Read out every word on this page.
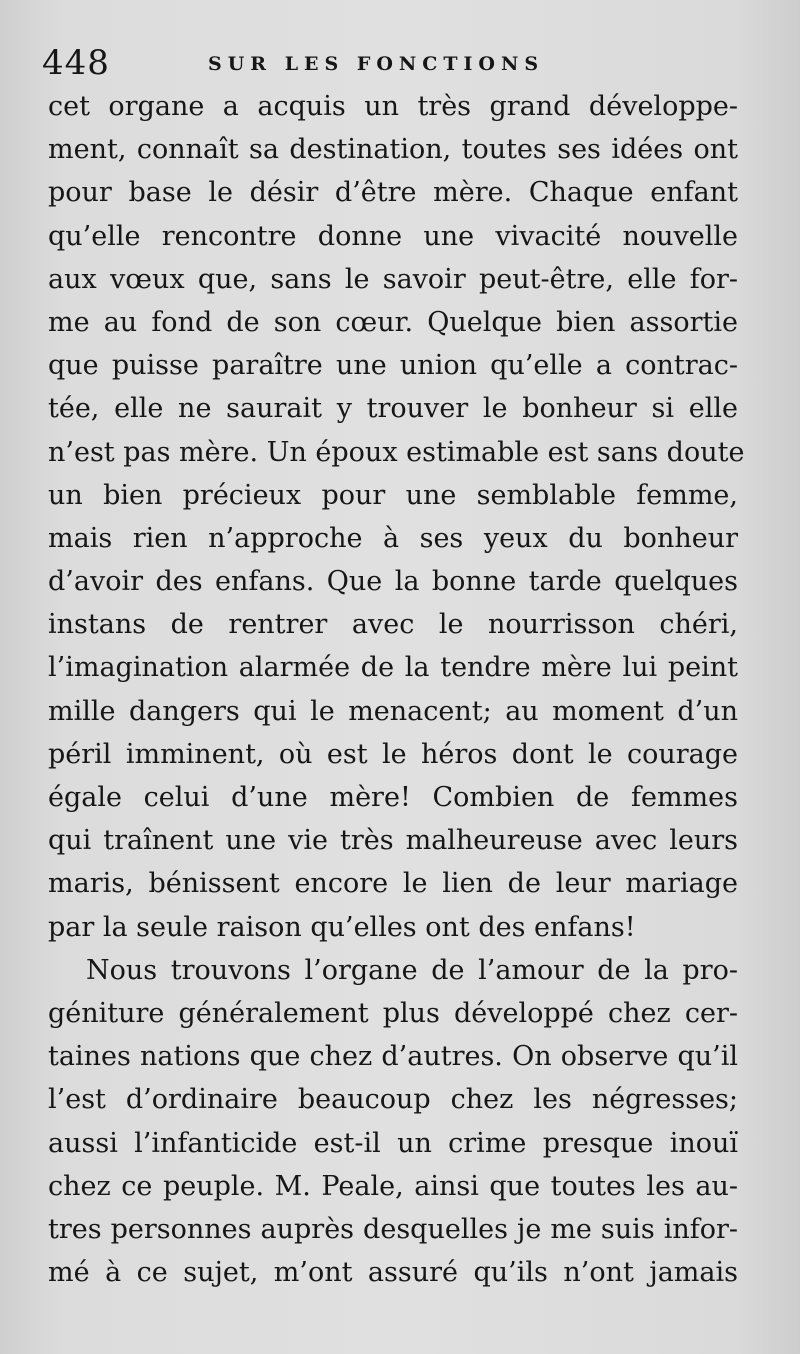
448	SUR LES FONCTIONS
cet organe a acquis un très grand développe-
ment, connaît sa destination, toutes ses idées ont
pour base le désir d’être mère. Chaque enfant
qu’elle rencontre donne une vivacité nouvelle
aux vœux que, sans le savoir peut-être, elle for-
me au fond de son cœur. Quelque bien assortie
que puisse paraître une union qu’elle a contrac-
tée, elle ne saurait y trouver le bonheur si elle
n’est pas mère. Un époux estimable est sans doute
un bien précieux pour une semblable femme,
mais rien n’approche à ses yeux du bonheur
d’avoir des enfans. Que la bonne tarde quelques
instans de rentrer avec le nourrisson chéri,
l’imagination alarmée de la tendre mère lui peint
mille dangers qui le menacent; au moment d’un
péril imminent, où est le héros dont le courage
égale celui d’une mère! Combien de femmes
qui traînent une vie très malheureuse avec leurs
maris, bénissent encore le lien de leur mariage
par la seule raison qu’elles ont des enfans!
Nous trouvons l’organe de l’amour de la pro-
géniture généralement plus développé chez cer-
taines nations que chez d’autres. On observe qu’il
l’est d’ordinaire beaucoup chez les négresses;
aussi l’infanticide est-il un crime presque inouï
chez ce peuple. M. Peale, ainsi que toutes les au-
tres personnes auprès desquelles je me suis infor-
mé à ce sujet, m’ont assuré qu’ils n’ont jamais
